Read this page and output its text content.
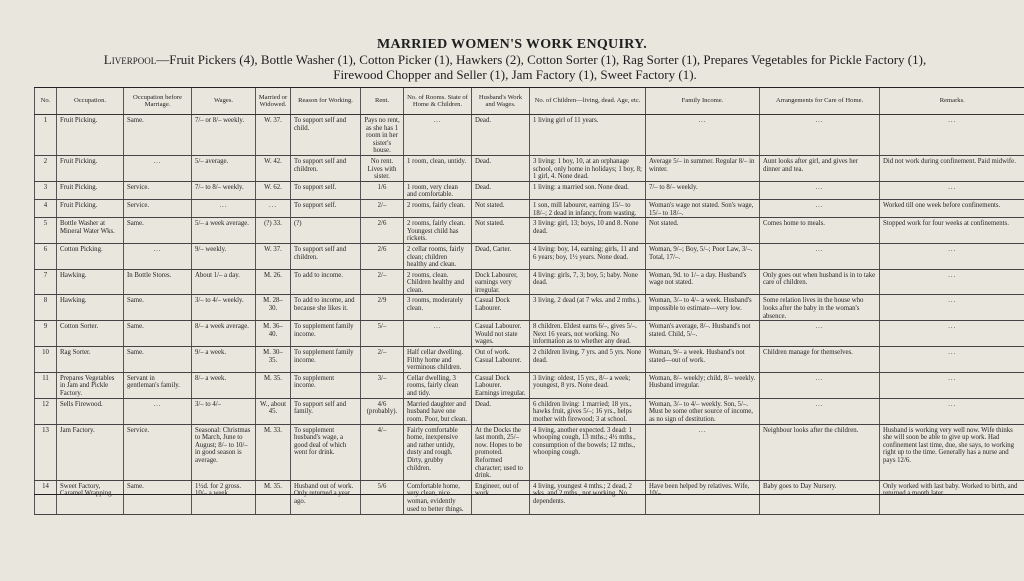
MARRIED WOMEN'S WORK ENQUIRY.
Liverpool—Fruit Pickers (4), Bottle Washer (1), Cotton Picker (1), Hawkers (2), Cotton Sorter (1), Rag Sorter (1), Prepares Vegetables for Pickle Factory (1), Firewood Chopper and Seller (1), Jam Factory (1), Sweet Factory (1).
No.	Occupation.	Occupation before Marriage.	Wages.	Married or Widowed.	Reason for Working.	Rent.	No. of Rooms. State of Home & Children.	Husband's Work and Wages.	No. of Children—living, dead. Age, etc.	Family Income.	Arrangements for Care of Home.	Remarks.
1	Fruit Picking.	Same.	7/– or 8/– weekly.	W. 37.	To support self and child.	Pays no rent, as she has 1 room in her sister's house.	...	Dead.	1 living girl of 11 years.	...	...	...
2	Fruit Picking.	...	5/– average.	W. 42.	To support self and children.	No rent. Lives with sister.	1 room, clean, untidy.	Dead.	3 living: 1 boy, 10, at an orphanage school, only home in holidays; 1 boy, 8; 1 girl, 4. None dead.	Average 5/– in summer. Regular 8/– in winter.	Aunt looks after girl, and gives her dinner and tea.	Did not work during confinement. Paid midwife.
3	Fruit Picking.	Service.	7/– to 8/– weekly.	W. 62.	To support self.	1/6	1 room, very clean and comfortable.	Dead.	1 living: a married son. None dead.	7/– to 8/– weekly.	...	...
4	Fruit Picking.	Service.	...	...	To support self.	2/–	2 rooms, fairly clean.	Not stated.	1 son, mill labourer, earning 15/– to 18/–; 2 dead in infancy, from wasting.	Woman's wage not stated. Son's wage, 15/– to 18/–.	...	Worked till one week before confinements.
5	Bottle Washer at Mineral Water Wks.	Same.	5/– a week average.	(?) 33.	(?)	2/6	2 rooms, fairly clean. Youngest child has rickets.	Not stated.	3 living: girl, 13; boys, 10 and 8. None dead.	Not stated.	Comes home to meals.	Stopped work for four weeks at confinements.
6	Cotton Picking.	...	9/– weekly.	W. 37.	To support self and children.	2/6	2 cellar rooms, fairly clean; children healthy and clean.	Dead, Carter.	4 living: boy, 14, earning; girls, 11 and 6 years; boy, 1½ years. None dead.	Woman, 9/–; Boy, 5/–; Poor Law, 3/–. Total, 17/–.	...	...
7	Hawking.	In Bottle Stores.	About 1/– a day.	M. 26.	To add to income.	2/–	2 rooms, clean. Children healthy and clean.	Dock Labourer, earnings very irregular.	4 living: girls, 7, 3; boy, 5; baby. None dead.	Woman, 9d. to 1/– a day. Husband's wage not stated.	Only goes out when husband is in to take care of children.	...
8	Hawking.	Same.	3/– to 4/– weekly.	M. 28–30.	To add to income, and because she likes it.	2/9	3 rooms, moderately clean.	Casual Dock Labourer.	3 living, 2 dead (at 7 wks. and 2 mths.).	Woman, 3/– to 4/– a week. Husband's impossible to estimate—very low.	Some relation lives in the house who looks after the baby in the woman's absence.	...
9	Cotton Sorter.	Same.	8/– a week average.	M. 36–40.	To supplement family income.	5/–	...	Casual Labourer. Would not state wages.	8 children. Eldest earns 6/–, gives 5/–. Next 16 years, not working. No information as to whether any dead.	Woman's average, 8/–. Husband's not stated. Child, 5/–.	...	...
10	Rag Sorter.	Same.	9/– a week.	M. 30–35.	To supplement family income.	2/–	Half cellar dwelling. Filthy home and verminous children.	Out of work. Casual Labourer.	2 children living, 7 yrs. and 5 yrs. None dead.	Woman, 9/– a week. Husband's not stated—out of work.	Children manage for themselves.	...
11	Prepares Vegetables in Jam and Pickle Factory.	Servant in gentleman's family.	8/– a week.	M. 35.	To supplement income.	3/–	Cellar dwelling, 3 rooms, fairly clean and tidy.	Casual Dock Labourer. Earnings irregular.	3 living: oldest, 15 yrs., 8/– a week; youngest, 8 yrs. None dead.	Woman, 8/– weekly; child, 8/– weekly. Husband irregular.	...	...
12	Sells Firewood.	...	3/– to 4/–	W., about 45.	To support self and family.	4/6 (probably).	Married daughter and husband have one room. Poor, but clean.	Dead.	6 children living: 1 married; 18 yrs., hawks fruit, gives 5/–; 16 yrs., helps mother with firewood; 3 at school.	Woman, 3/– to 4/– weekly. Son, 5/–. Must be some other source of income, as no sign of destitution.	...	...
13	Jam Factory.	Service.	Seasonal: Christmas to March, June to August; 8/– to 10/– in good season is average.	M. 33.	To supplement husband's wage, a good deal of which went for drink.	4/–	Fairly comfortable home, inexpensive and rather untidy, dusty and rough. Dirty, grubby children.	At the Docks the last month, 25/– now. Hopes to be promoted. Reformed character; used to drink.	4 living, another expected. 3 dead: 1 whooping cough, 13 mths.; 4½ mths., consumption of the bowels; 12 mths., whooping cough.	...	Neighbour looks after the children.	Husband is working very well now. Wife thinks she will soon be able to give up work. Had confinement last time, due, she says, to working right up to the time. Generally has a nurse and pays 12/6.
14	Sweet Factory, Caramel Wrapping.	Same.	1½d. for 2 gross. 10/– a week.	M. 35.	Husband out of work. Only returned a year ago.	5/6	Comfortable home, very clean, nice woman, evidently used to better things.	Engineer, out of work.	4 living, youngest 4 mths.; 2 dead, 2 wks. and 2 mths., not working. No dependents.	Have been helped by relatives. Wife, 10/–.	Baby goes to Day Nursery.	Only worked with last baby. Worked to birth, and returned a month later.
